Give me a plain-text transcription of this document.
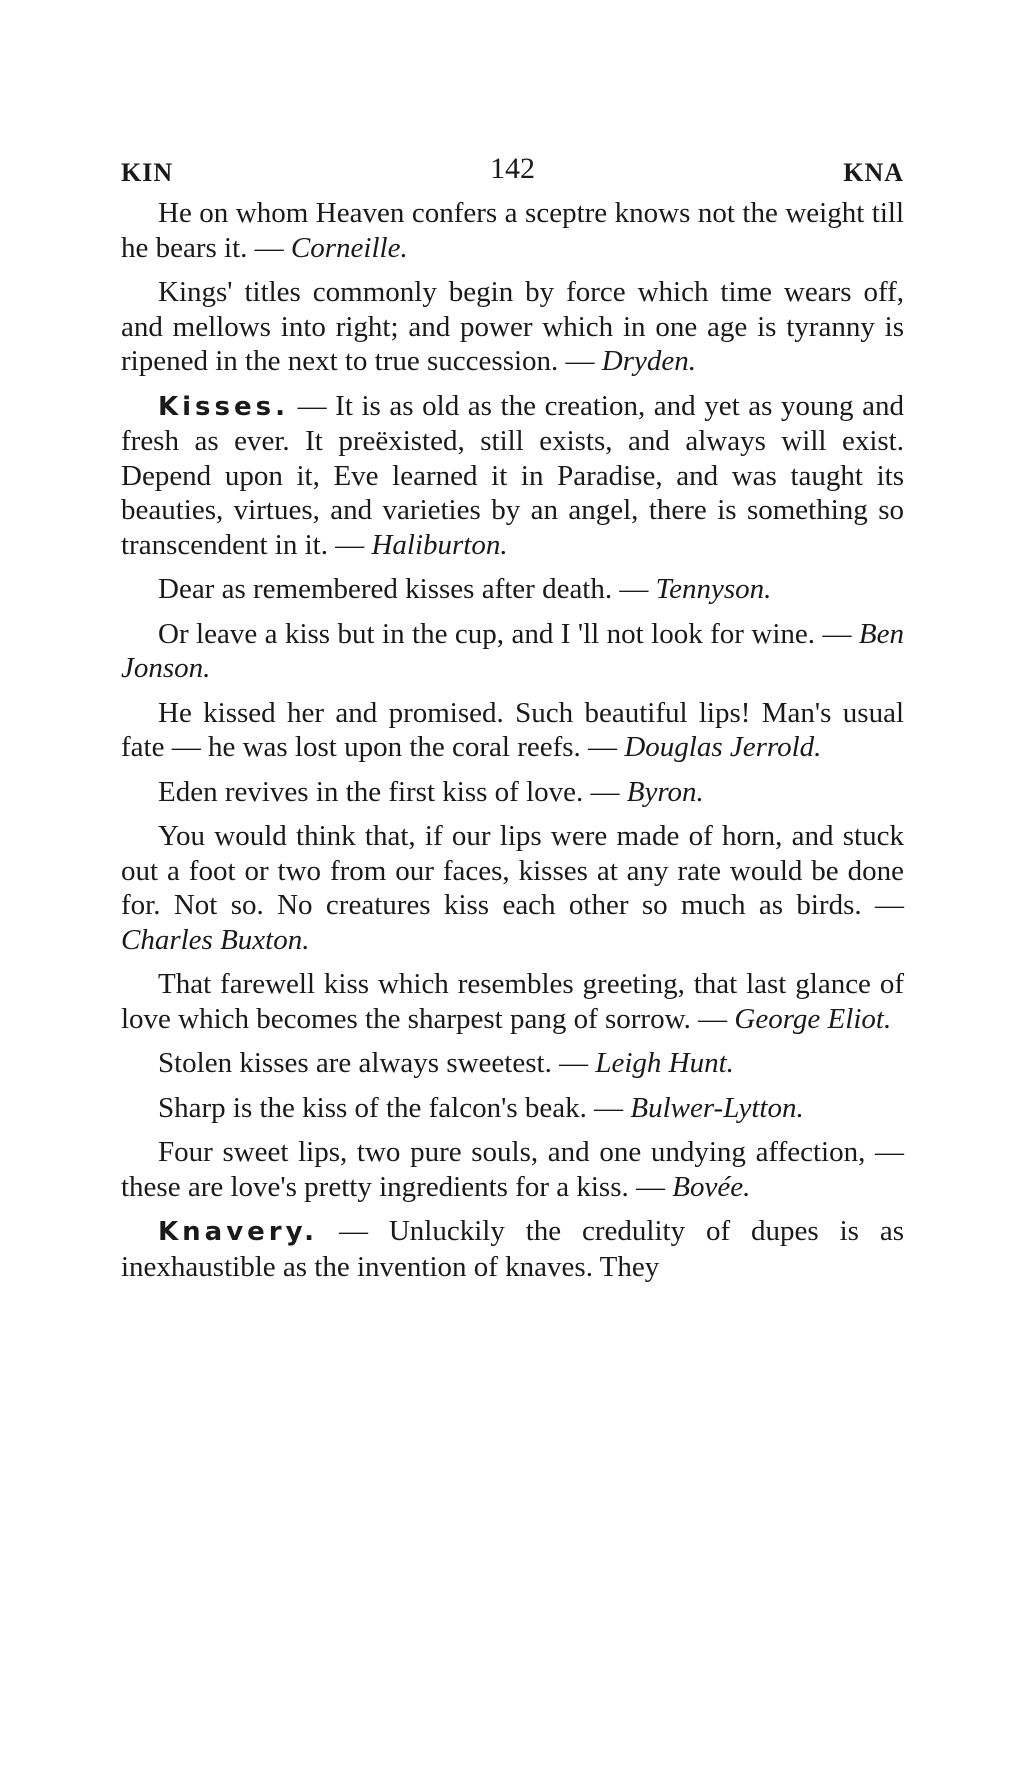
KIN	142	KNA

He on whom Heaven confers a sceptre knows not the weight till he bears it. — Corneille.

Kings' titles commonly begin by force which time wears off, and mellows into right; and power which in one age is tyranny is ripened in the next to true succession. — Dryden.

Kisses. — It is as old as the creation, and yet as young and fresh as ever. It preëxisted, still exists, and always will exist. Depend upon it, Eve learned it in Paradise, and was taught its beauties, virtues, and varieties by an angel, there is something so transcendent in it. — Haliburton.

Dear as remembered kisses after death. — Tennyson.

Or leave a kiss but in the cup, and I 'll not look for wine. — Ben Jonson.

He kissed her and promised. Such beautiful lips! Man's usual fate — he was lost upon the coral reefs. — Douglas Jerrold.

Eden revives in the first kiss of love. — Byron.

You would think that, if our lips were made of horn, and stuck out a foot or two from our faces, kisses at any rate would be done for. Not so. No creatures kiss each other so much as birds. — Charles Buxton.

That farewell kiss which resembles greeting, that last glance of love which becomes the sharpest pang of sorrow. — George Eliot.

Stolen kisses are always sweetest. — Leigh Hunt.

Sharp is the kiss of the falcon's beak. — Bulwer-Lytton.

Four sweet lips, two pure souls, and one undying affection, — these are love's pretty ingredients for a kiss. — Bovée.

Knavery. — Unluckily the credulity of dupes is as inexhaustible as the invention of knaves. They
